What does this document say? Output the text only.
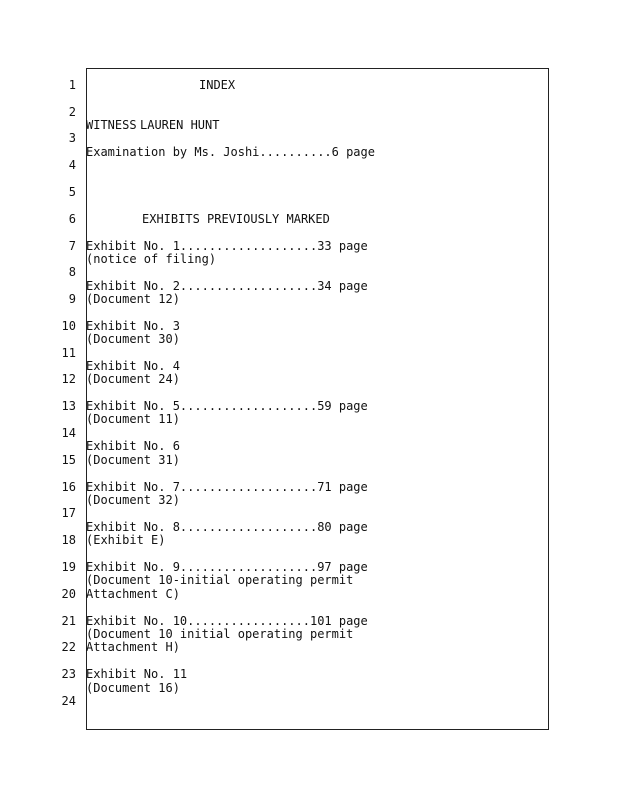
1
2
3
4
5
6
7
8
9
10
11
12
13
14
15
16
17
18
19
20
21
22
23
24
INDEX
WITNESS LAUREN HUNT
Examination by Ms. Joshi..........6 page
EXHIBITS PREVIOUSLY MARKED
Exhibit No. 1...................33 page
(notice of filing)
Exhibit No. 2...................34 page
(Document 12)
Exhibit No. 3
(Document 30)
Exhibit No. 4
(Document 24)
Exhibit No. 5...................59 page
(Document 11)
Exhibit No. 6
(Document 31)
Exhibit No. 7...................71 page
(Document 32)
Exhibit No. 8...................80 page
(Exhibit E)
Exhibit No. 9...................97 page
(Document 10-initial operating permit
Attachment C)
Exhibit No. 10.................101 page
(Document 10 initial operating permit
Attachment H)
Exhibit No. 11
(Document 16)
